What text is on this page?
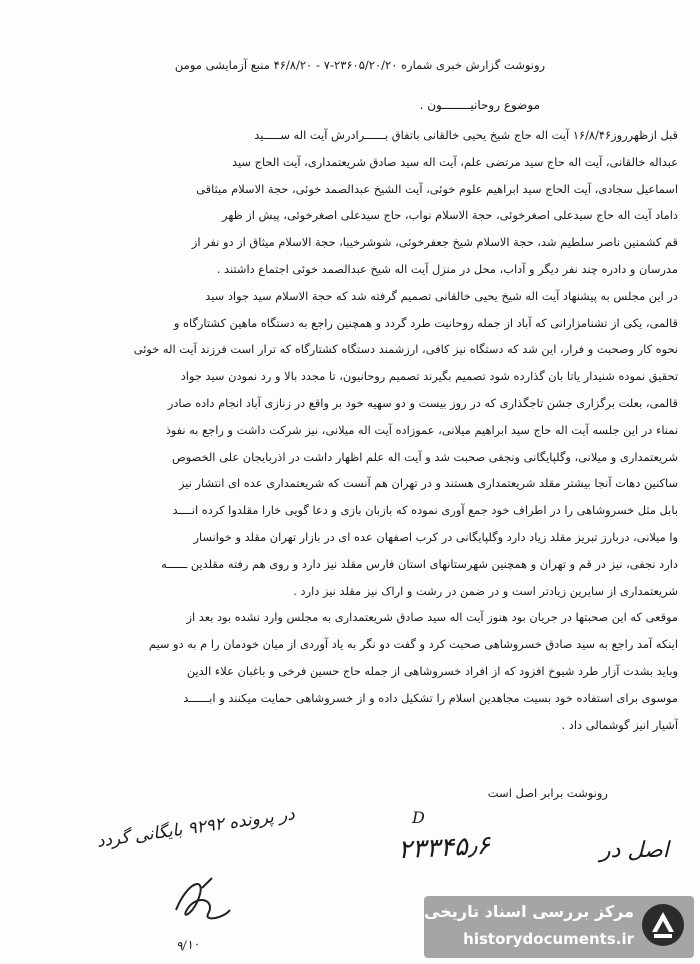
رونوشت گزارش خبری شماره ۲۳۶۰۵/۲۰/۲۰-۷ - ۴۶/۸/۲۰ منبع آزمایشی مومن
موضوع روحانیــــــــون .

قبل ازظهرروز۱۶/۸/۴۶ آیت اله حاج شیخ یحیی خالقانی باتفاق بــــــرادرش آیت اله ســـــید

عبداله خالقانی، آیت اله حاج سید مرتضی علم، آیت اله سید صادق شریعتمداری، آیت الحاج سید

اسماعیل سجادی، آیت الحاج سید ابراهیم علوم خوئی، آیت الشیخ عبدالصمد خوئی، حجة الاسلام میثاقی

داماد آیت اله حاج سیدعلی اصغرخوئی، حجة الاسلام نواب، حاج سیدعلی اصغرخوئی، پیش از ظهر

قم کشمنین ناصر سلطیم شد، حجة الاسلام شیخ جعفرخوئی، شوشرخیبا، حجة الاسلام میثاق از دو نفر از

مدرسان و دادره چند نفر دیگر و آداب، محل در منزل آیت اله شیخ عبدالصمد خوئی اجتماع داشتند .

در این مجلس به پیشنهاد آیت اله شیخ یحیی خالقانی تصمیم گرفته شد که حجة الاسلام سید جواد سید

قالمی، یکی از تشنامزارانی که آباد از جمله روحانیت طرد گردد و همچنین راجع به دستگاه ماهین کشتارگاه و

نحوه کار وصحبت و فرار، این شد که دستگاه نیز کافی، ارزشمند دستگاه کشتارگاه که ترار است فرزند آیت اله خوئی

تحقیق نموده شنیدار یاتا بان گذارده شود تصمیم بگیرند تصمیم روحانیون، تا مجدد بالا و رد نمودن سید جواد

قالمی، بعلت برگزاری جشن تاجگذاری که در روز بیست و دو سهیه خود بر واقع در زنازی آباد انجام داده صادر

نمناء در این جلسه آیت اله حاج سید ابراهیم میلانی، عموزاده آیت اله میلانی، نیز شرکت داشت و راجع به نفوذ

شریعتمداری و میلانی، وگلپایگانی ونجفی صحبت شد و آیت اله علم اظهار داشت در اذربایجان علی الخصوص

ساکنین دهات آنجا بیشتر مقلد شریعتمداری هستند و در تهران هم آنست که شریعتمداری عده ای انتشار نیز

بابل مثل خسروشاهی را در اطراف خود جمع آوری نموده که بازبان بازی و دعا گویی خارا مقلدوا کرده انــــد

وا میلانی، دربارز تبریز مقلد زیاد دارد وگلپایگانی در کرب اصفهان عده ای در بازار تهران مقلد و خوانسار

دارد نجفی، نیز در قم و تهران و همچنین شهرستانهای استان فارس مقلد نیز دارد و روی هم رفته مقلدین ــــــه

شریعتمداری از سایرین زیادتر است و در ضمن در رشت و اراک نیز مقلد نیز دارد .

موقعی که این صحبتها در جریان بود هنوز آیت اله سید صادق شریعتمداری به مجلس وارد نشده بود بعد از

اینکه آمد راجع به سید صادق خسروشاهی صحبت کرد و گفت دو نگر به یاد آوردی از میان خودمان را م به دو سیم

وباید بشدت آزار طرد شیوخ افزود که از افراد خسروشاهی از جمله حاج حسین فرخی و باغبان علاء الدین

موسوی برای استفاده خود بسیت مجاهدین اسلام را تشکیل داده و از خسروشاهی حمایت میکنند و ابــــــد

آشیار انیز گوشمالی داد .

رونوشت برابر اصل است
در پرونده ۹۲۹۲ بایگانی گردد	D
۲۳۳۴۵٫۶	اصل در
۹/۱۰
مرکز بررسی اسناد تاریخی
historydocuments.ir
